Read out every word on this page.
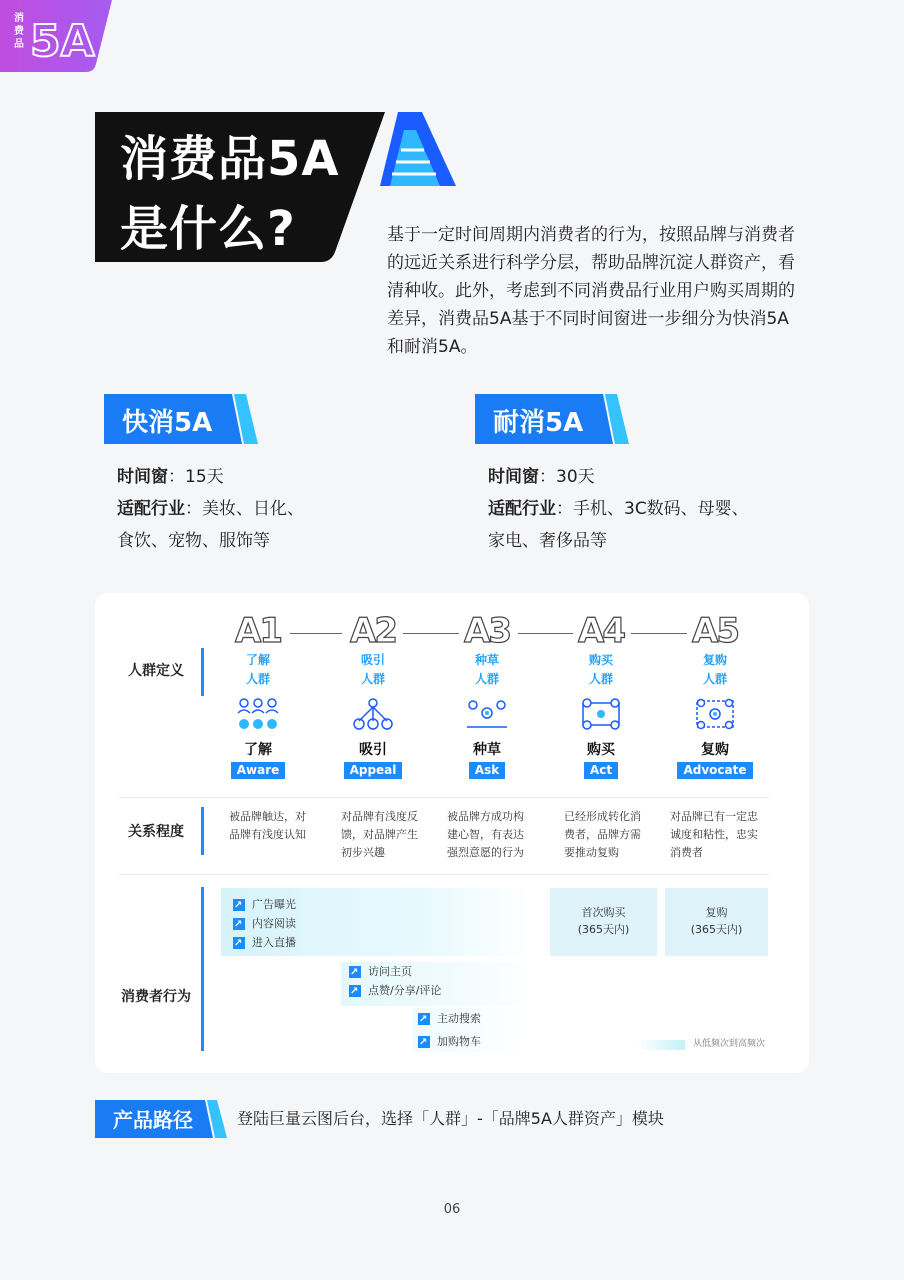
5A
消费品
消费品5A
是什么?	基于一定时间周期内消费者的行为，按照品牌与消费者的远近关系进行科学分层，帮助品牌沉淀人群资产，看清种收。此外，考虑到不同消费品行业用户购买周期的差异，消费品5A基于不同时间窗进一步细分为快消5A和耐消5A。
快消5A
时间窗：15天
适配行业：美妆、日化、
食饮、宠物、服饰等
耐消5A
时间窗：30天
适配行业：手机、3C数码、母婴、
家电、奢侈品等
人群定义
关系程度
消费者行为
A1
了解
人群
了解
Aware
A2
吸引
人群
吸引
Appeal
A3
种草
人群
种草
Ask
A4
购买
人群
购买
Act
A5
复购
人群
复购
Advocate
被品牌触达，对品牌有浅度认知
对品牌有浅度反馈，对品牌产生初步兴趣
被品牌方成功构建心智，有表达强烈意愿的行为
已经形成转化消费者，品牌方需要推动复购
对品牌已有一定忠诚度和粘性，忠实消费者
↗
广告曝光
↗
内容阅读
↗
进入直播
↗
访问主页
↗
点赞/分享/评论
↗
主动搜索
↗
加购物车
首次购买
(365天内)
复购
(365天内)
从低频次到高频次
产品路径	登陆巨量云图后台，选择「人群」-「品牌5A人群资产」模块
06
